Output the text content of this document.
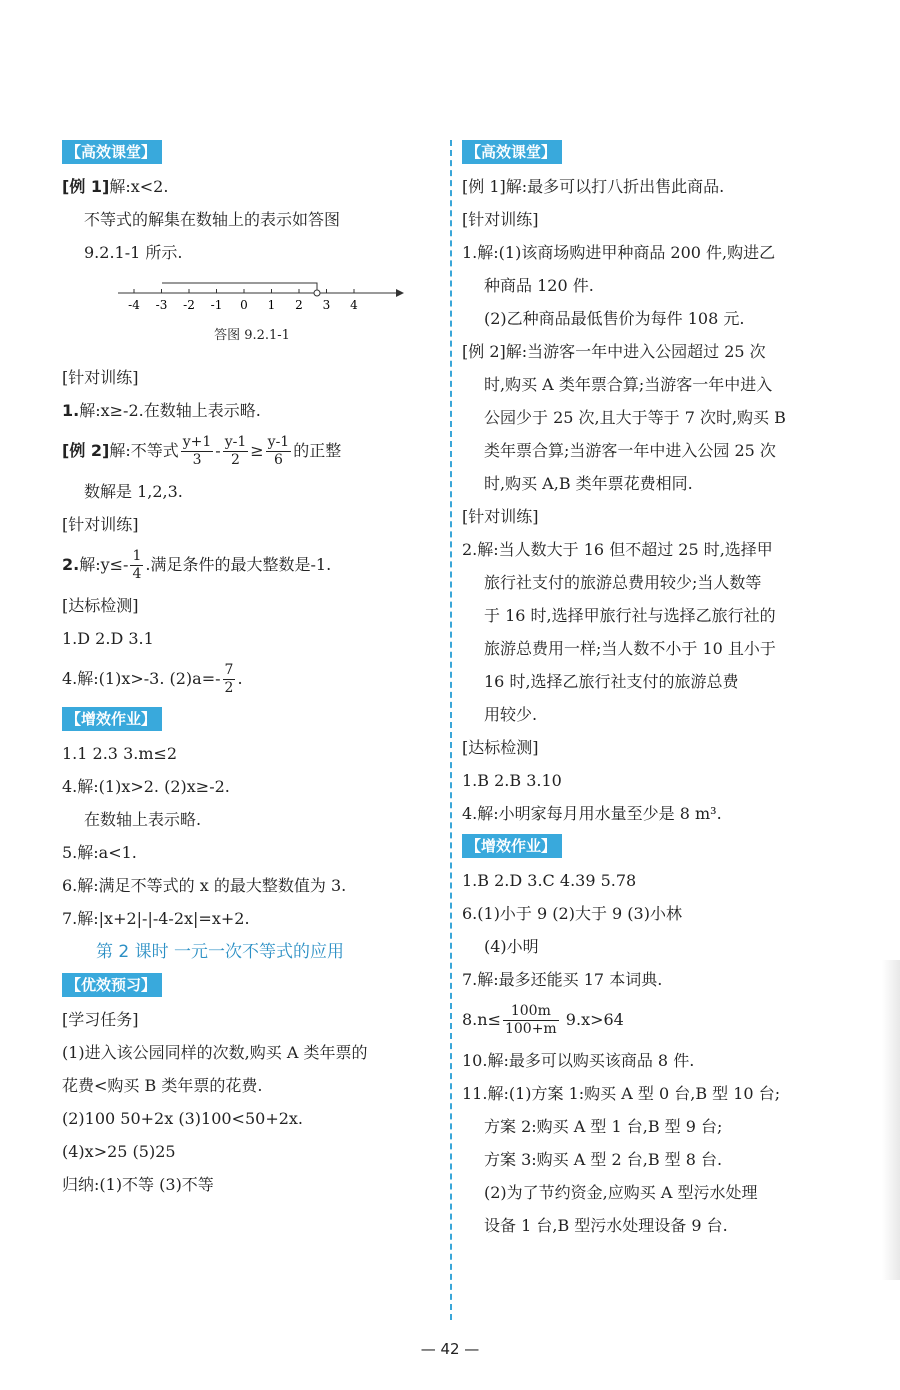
【高效课堂】
[例 1]解:x<2.
不等式的解集在数轴上的表示如答图
9.2.1-1 所示.
-4 -3 -2 -1 0 1 2 3 4
答图 9.2.1-1
[针对训练]
1.解:x≥-2.在数轴上表示略.
[例 2]解:不等式 $\frac{y+1}{3} - \frac{y-1}{2} \ge \frac{y-1}{6}$ 的正整
数解是 1,2,3.
[针对训练]
2.解:y≤- $\frac{1}{4}$ .满足条件的最大整数是-1.
[达标检测]
1.D 2.D 3.1
4.解:(1)x>-3. $(2)a=- \frac{7}{2}$ .
【增效作业】
1.1 2.3 3.m≤2
4.解:(1)x>2. (2)x≥-2.
在数轴上表示略.
5.解:a<1.
6.解:满足不等式的 x 的最大整数值为 3.
7.解:|x+2|-|-4-2x|=x+2.
第 2 课时 一元一次不等式的应用
【优效预习】
[学习任务]
(1)进入该公园同样的次数,购买 A 类年票的
花费<购买 B 类年票的花费.
(2)100 50+2x (3)100<50+2x.
(4)x>25 (5)25
归纳:(1)不等 (3)不等
【高效课堂】
[例 1]解:最多可以打八折出售此商品.
[针对训练]
1.解:(1)该商场购进甲种商品 200 件,购进乙
种商品 120 件.
(2)乙种商品最低售价为每件 108 元.
[例 2]解:当游客一年中进入公园超过 25 次
时,购买 A 类年票合算;当游客一年中进入
公园少于 25 次,且大于等于 7 次时,购买 B
类年票合算;当游客一年中进入公园 25 次
时,购买 A,B 类年票花费相同.
[针对训练]
2.解:当人数大于 16 但不超过 25 时,选择甲
旅行社支付的旅游总费用较少;当人数等
于 16 时,选择甲旅行社与选择乙旅行社的
旅游总费用一样;当人数不小于 10 且小于
16 时,选择乙旅行社支付的旅游总费
用较少.
[达标检测]
1.B 2.B 3.10
4.解:小明家每月用水量至少是 8 m³.
【增效作业】
1.B 2.D 3.C 4.39 5.78
6.(1)小于 9 (2)大于 9 (3)小林
(4)小明
7.解:最多还能买 17 本词典.
$8.n\le \frac{100m}{100+m} 9.x>64$
10.解:最多可以购买该商品 8 件.
11.解:(1)方案 1:购买 A 型 0 台,B 型 10 台;
方案 2:购买 A 型 1 台,B 型 9 台;
方案 3:购买 A 型 2 台,B 型 8 台.
(2)为了节约资金,应购买 A 型污水处理
设备 1 台,B 型污水处理设备 9 台.
— 42 —
